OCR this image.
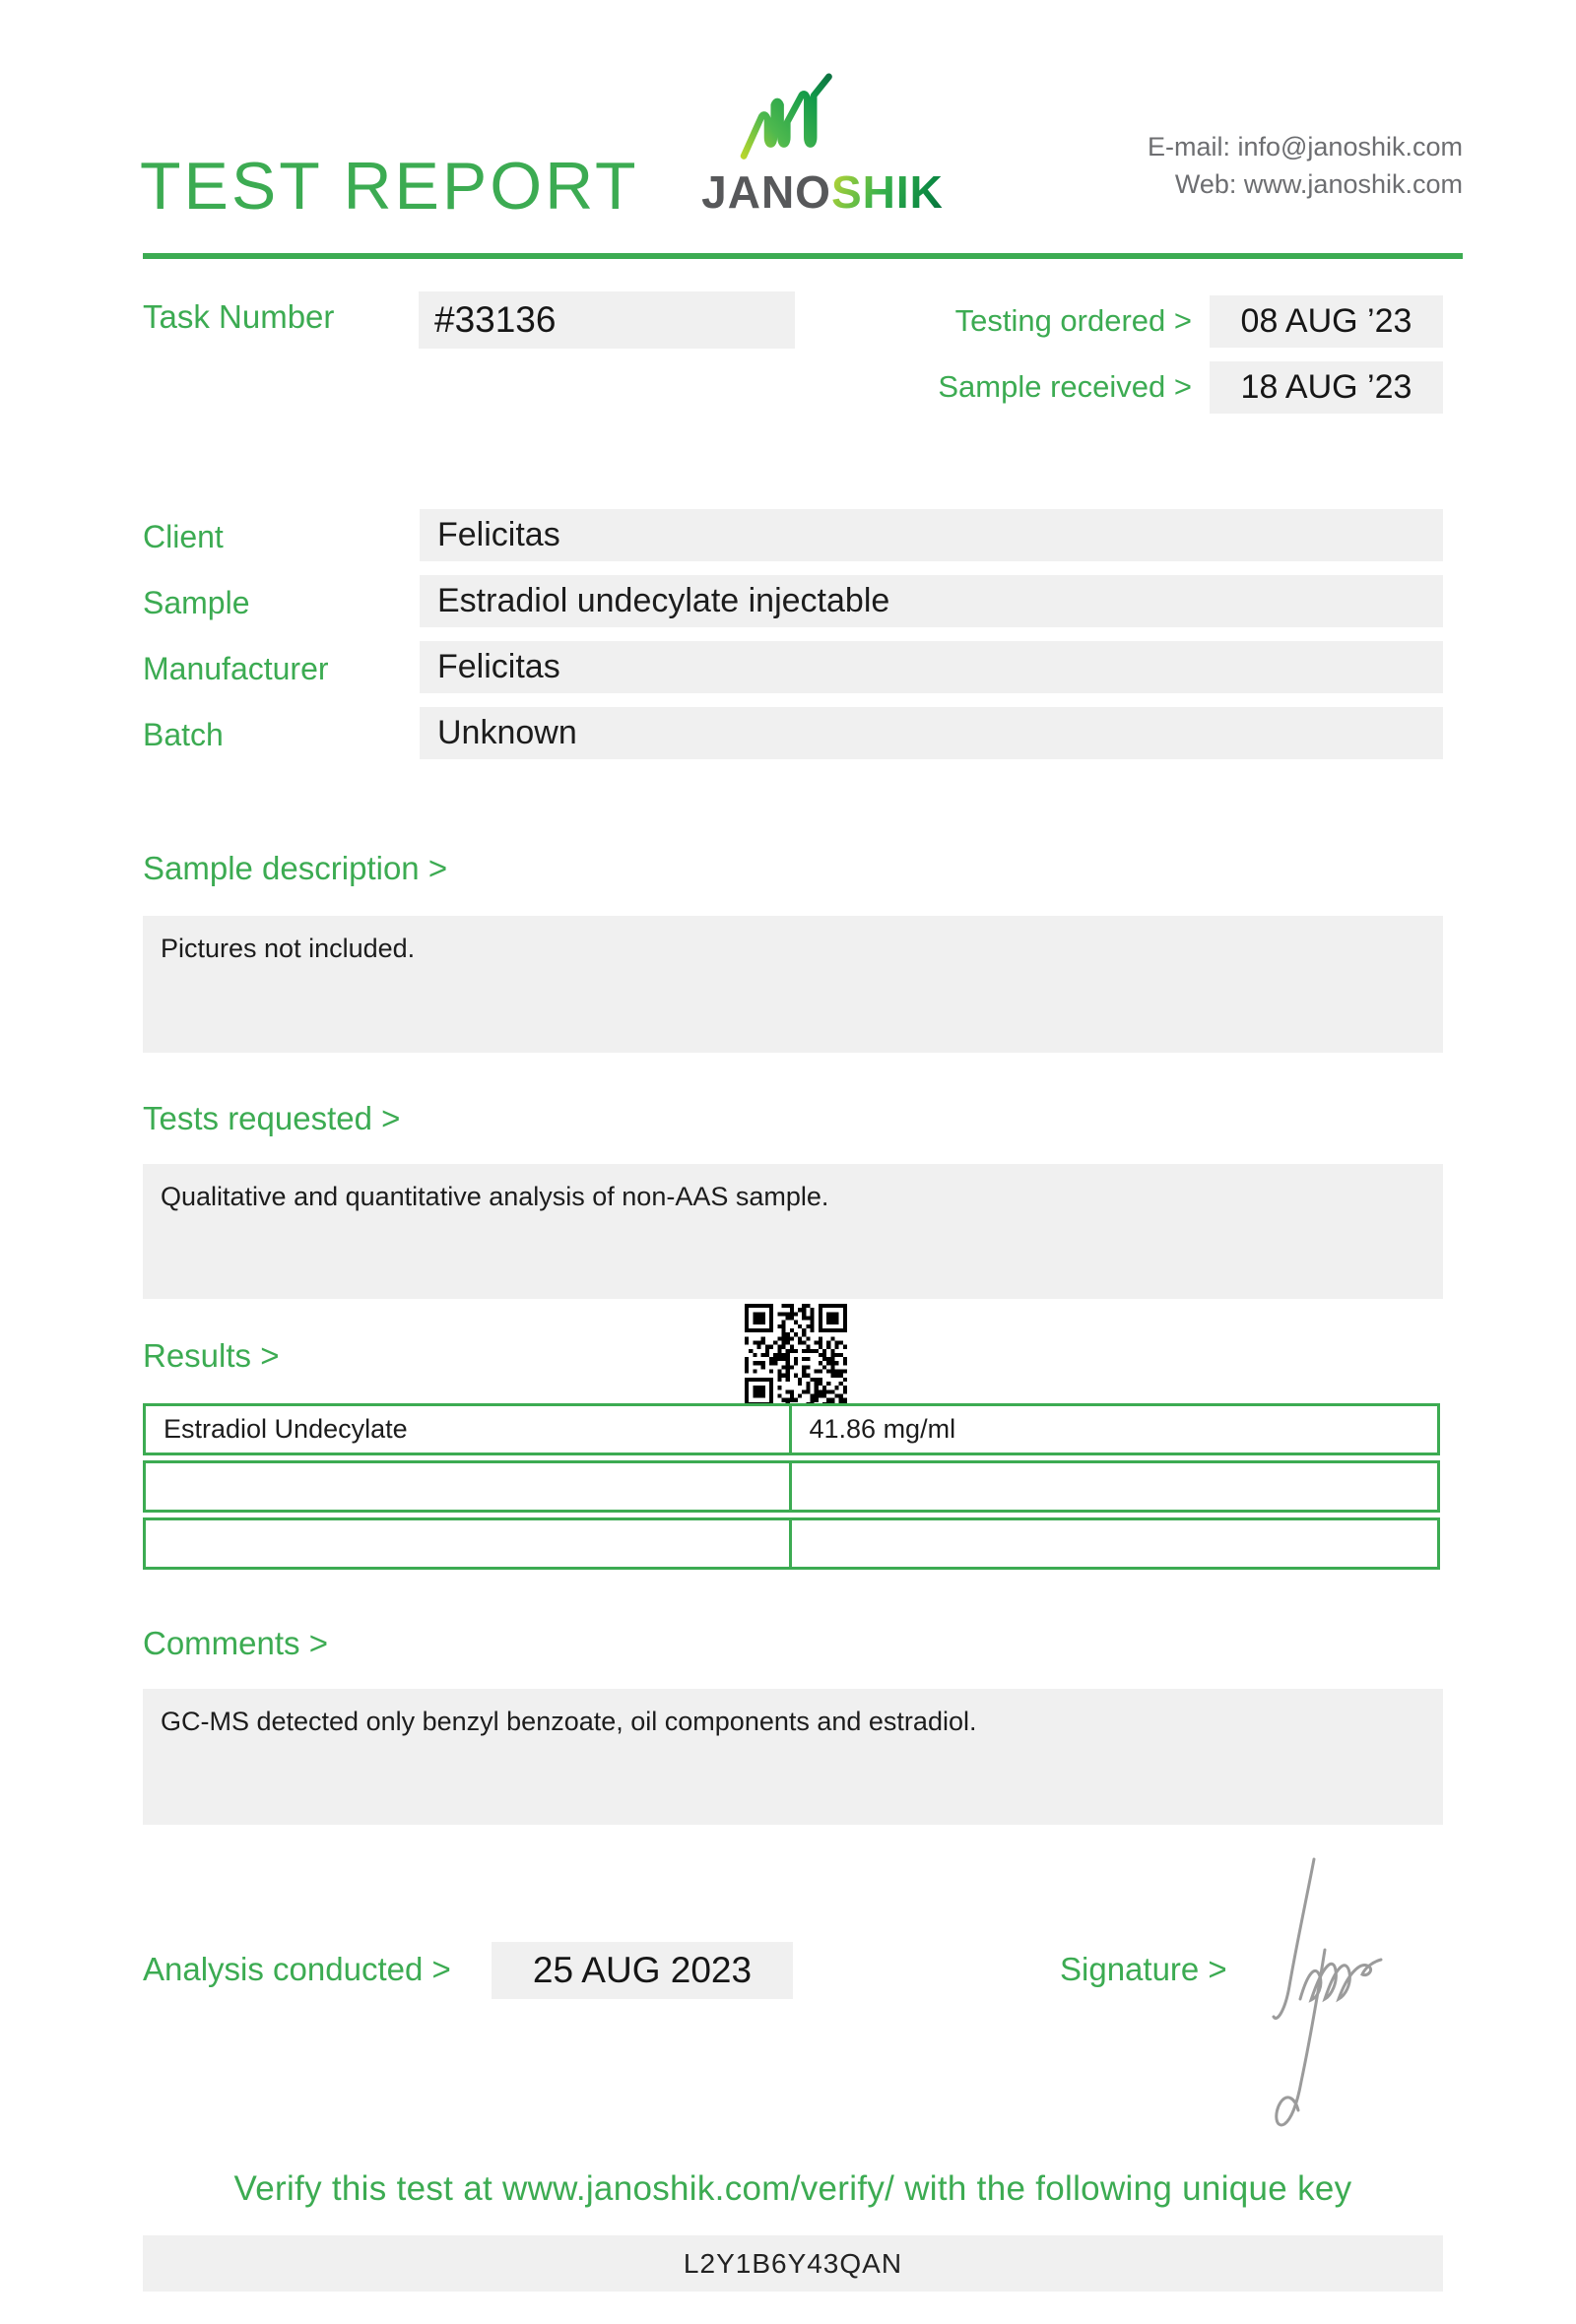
TEST REPORT	JANOSHIK
E-mail: info@janoshik.com
Web: www.janoshik.com
Task Number	#33136	Testing ordered >	08 AUG ’23
Sample received >	18 AUG ’23
Client	Felicitas
Sample	Estradiol undecylate injectable
Manufacturer	Felicitas
Batch	Unknown
Sample description >
Pictures not included.
Tests requested >
Qualitative and quantitative analysis of non-AAS sample.
Results >
Estradiol Undecylate	41.86 mg/ml
Comments >
GC-MS detected only benzyl benzoate, oil components and estradiol.
Analysis conducted >	25 AUG 2023	Signature >
Verify this test at www.janoshik.com/verify/ with the following unique key
L2Y1B6Y43QAN
